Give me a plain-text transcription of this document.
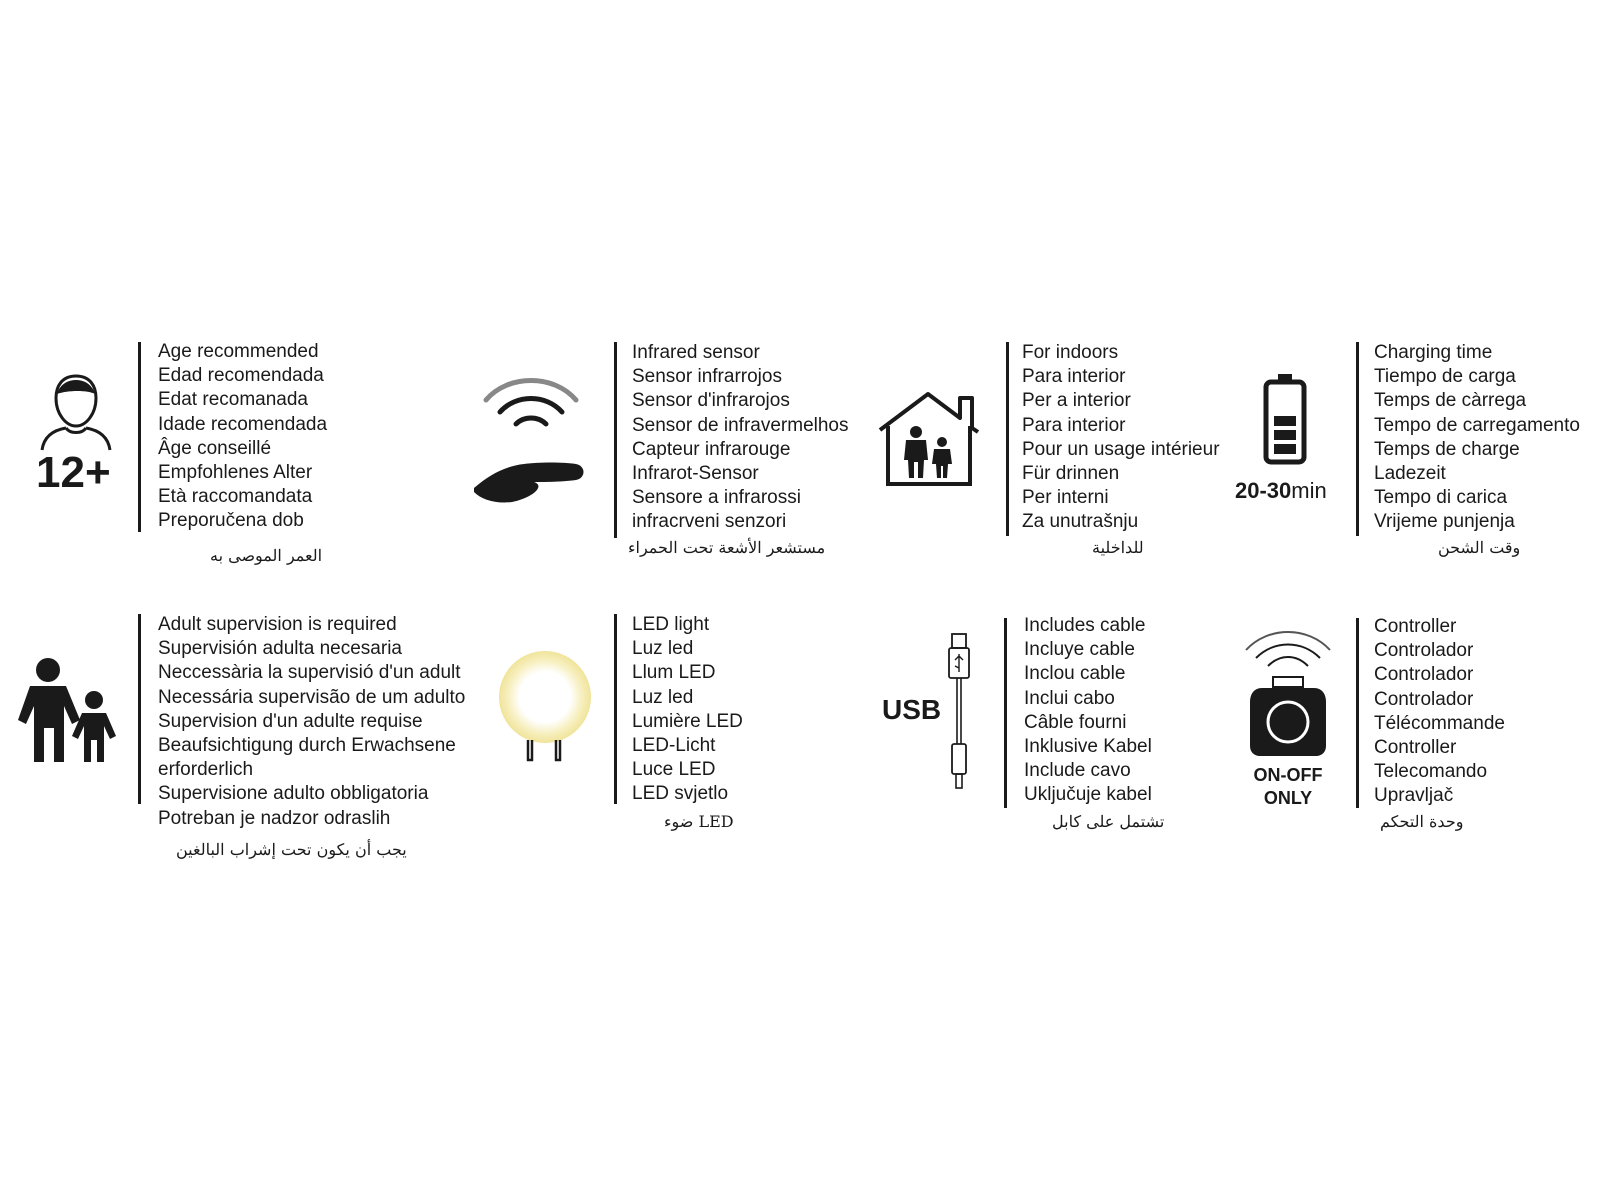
12+
Age recommended
Edad recomendada
Edat recomanada
Idade recomendada
Âge conseillé
Empfohlenes Alter
Età raccomandata
Preporučena dob
العمر الموصى به
Infrared sensor
Sensor infrarrojos
Sensor d'infrarojos
Sensor de infravermelhos
Capteur infrarouge
Infrarot-Sensor
Sensore a infrarossi
infracrveni senzori
مستشعر الأشعة تحت الحمراء
For indoors
Para interior
Per a interior
Para interior
Pour un usage intérieur
Für drinnen
Per interni
Za unutrašnju
للداخلية
20-30min
Charging time
Tiempo de carga
Temps de càrrega
Tempo de carregamento
Temps de charge
Ladezeit
Tempo di carica
Vrijeme punjenja
وقت الشحن
Adult supervision is required
Supervisión adulta necesaria
Neccessària la supervisió d'un adult
Necessária supervisão de um adulto
Supervision d'un adulte requise
Beaufsichtigung durch Erwachsene
erforderlich
Supervisione adulto obbligatoria
Potreban je nadzor odraslih
يجب أن يكون تحت إشراب البالغين
LED light
Luz led
Llum LED
Luz led
Lumière LED
LED-Licht
Luce LED
LED svjetlo
LED ضوء
USB
Includes cable
Incluye cable
Inclou cable
Inclui cabo
Câble fourni
Inklusive Kabel
Include cavo
Uključuje kabel
تشتمل على كابل
ON-OFF
ONLY
Controller
Controlador
Controlador
Controlador
Télécommande
Controller
Telecomando
Upravljač
وحدة التحكم
